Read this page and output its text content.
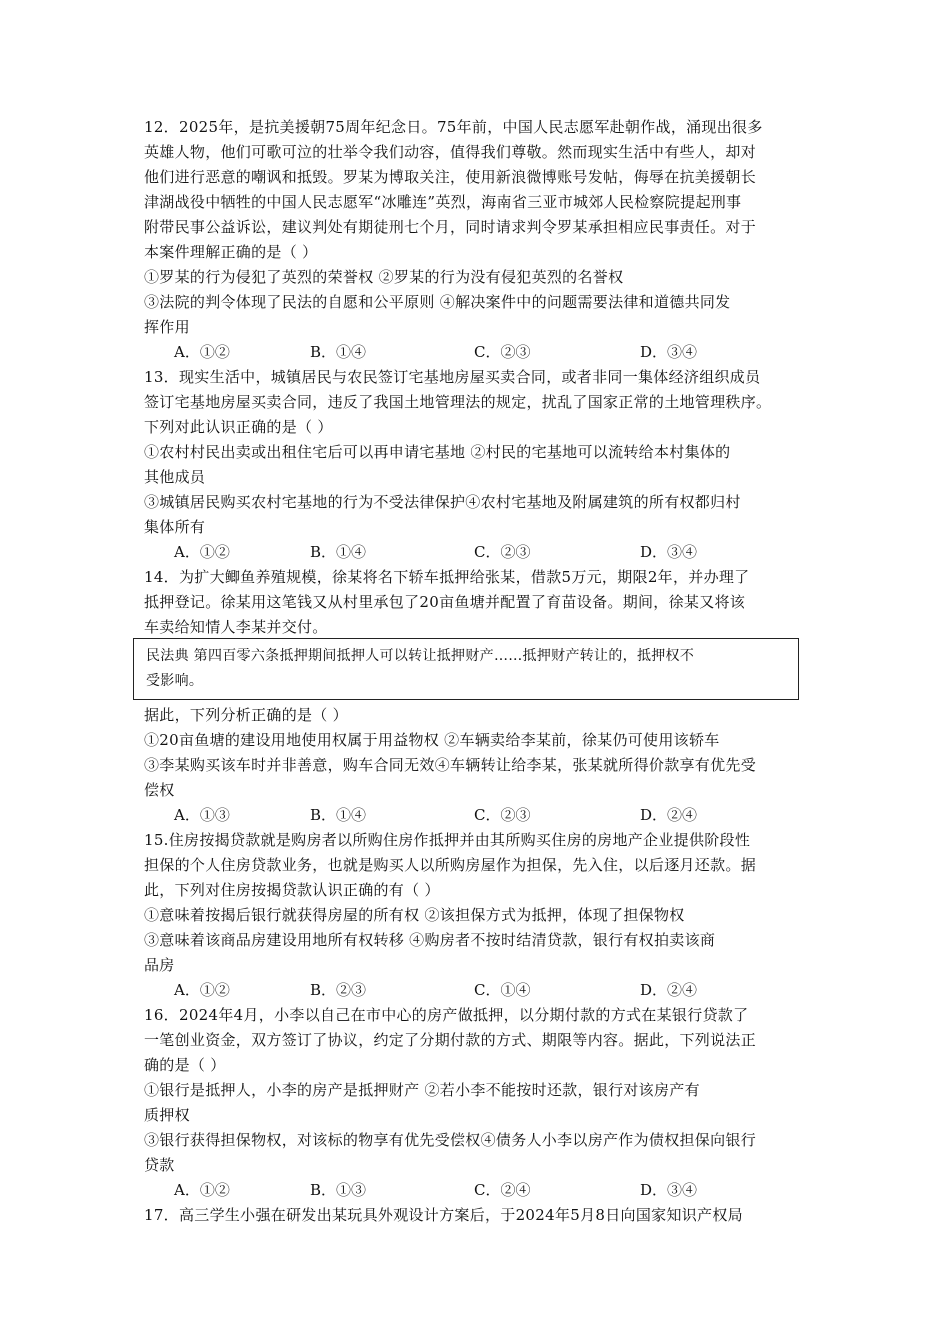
12．2025年，是抗美援朝75周年纪念日。75年前，中国人民志愿军赴朝作战，涌现出很多
英雄人物，他们可歌可泣的壮举令我们动容，值得我们尊敬。然而现实生活中有些人，却对
他们进行恶意的嘲讽和抵毁。罗某为博取关注，使用新浪微博账号发帖，侮辱在抗美援朝长
津湖战役中牺牲的中国人民志愿军“冰雕连”英烈，海南省三亚市城郊人民检察院提起刑事
附带民事公益诉讼，建议判处有期徒刑七个月，同时请求判令罗某承担相应民事责任。对于
本案件理解正确的是（ ）
①罗某的行为侵犯了英烈的荣誉权 ②罗某的行为没有侵犯英烈的名誉权
③法院的判令体现了民法的自愿和公平原则 ④解决案件中的问题需要法律和道德共同发
挥作用
A．①②	B．①④	C．②③	D．③④
13．现实生活中，城镇居民与农民签订宅基地房屋买卖合同，或者非同一集体经济组织成员
签订宅基地房屋买卖合同，违反了我国土地管理法的规定，扰乱了国家正常的土地管理秩序。
下列对此认识正确的是（ ）
①农村村民出卖或出租住宅后可以再申请宅基地 ②村民的宅基地可以流转给本村集体的
其他成员
③城镇居民购买农村宅基地的行为不受法律保护④农村宅基地及附属建筑的所有权都归村
集体所有
A．①②	B．①④	C．②③	D．③④
14．为扩大鲫鱼养殖规模，徐某将名下轿车抵押给张某，借款5万元，期限2年，并办理了
抵押登记。徐某用这笔钱又从村里承包了20亩鱼塘并配置了育苗设备。期间，徐某又将该
车卖给知情人李某并交付。
民法典 第四百零六条抵押期间抵押人可以转让抵押财产……抵押财产转让的，抵押权不
受影响。
据此，下列分析正确的是（ ）
①20亩鱼塘的建设用地使用权属于用益物权 ②车辆卖给李某前，徐某仍可使用该轿车
③李某购买该车时并非善意，购车合同无效④车辆转让给李某，张某就所得价款享有优先受
偿权
A．①③	B．①④	C．②③	D．②④
15.住房按揭贷款就是购房者以所购住房作抵押并由其所购买住房的房地产企业提供阶段性
担保的个人住房贷款业务，也就是购买人以所购房屋作为担保，先入住，以后逐月还款。据
此，下列对住房按揭贷款认识正确的有（ ）
①意味着按揭后银行就获得房屋的所有权 ②该担保方式为抵押，体现了担保物权
③意味着该商品房建设用地所有权转移 ④购房者不按时结清贷款，银行有权拍卖该商
品房
A．①②	B．②③	C．①④	D．②④
16．2024年4月，小李以自己在市中心的房产做抵押，以分期付款的方式在某银行贷款了
一笔创业资金，双方签订了协议，约定了分期付款的方式、期限等内容。据此，下列说法正
确的是（ ）
①银行是抵押人，小李的房产是抵押财产 ②若小李不能按时还款，银行对该房产有
质押权
③银行获得担保物权，对该标的物享有优先受偿权④债务人小李以房产作为债权担保向银行
贷款
A．①②	B．①③	C．②④	D．③④
17．高三学生小强在研发出某玩具外观设计方案后，于2024年5月8日向国家知识产权局
